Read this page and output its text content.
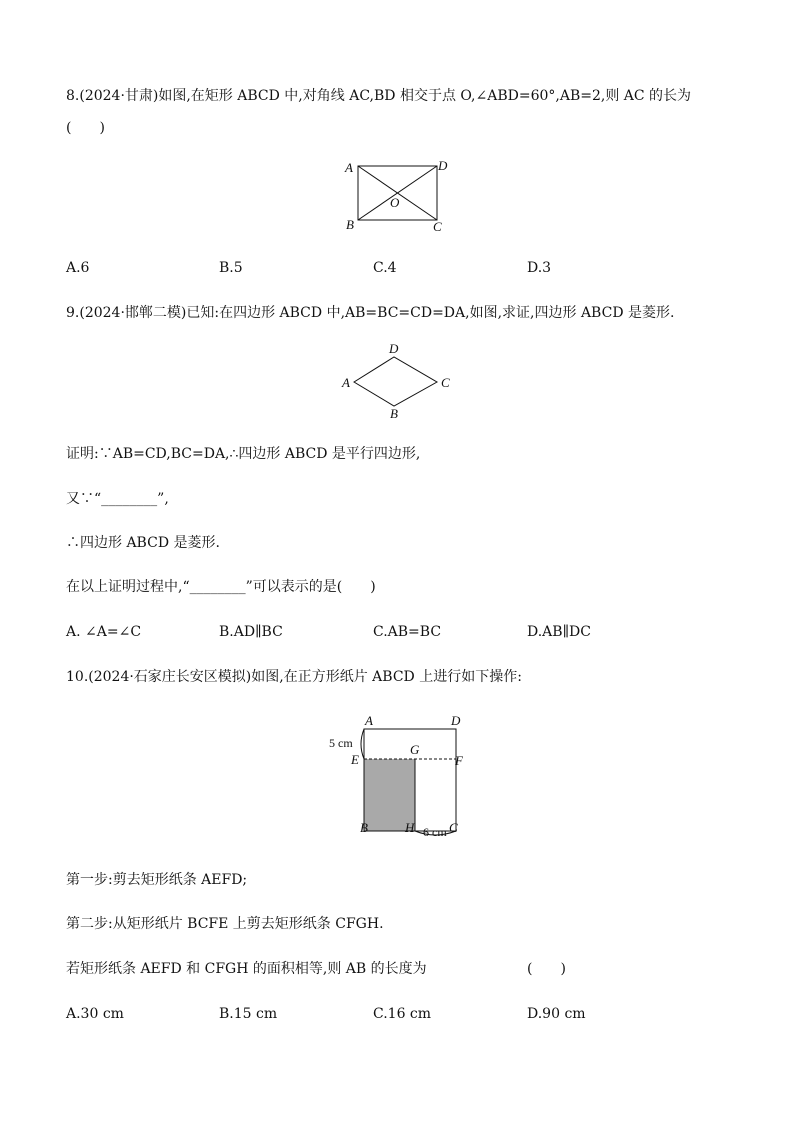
8.(2024·甘肃)如图,在矩形 ABCD 中,对角线 AC,BD 相交于点 O,∠ABD=60°,AB=2,则 AC 的长为
(　　)
A	D
B	C
O
A.6	B.5	C.4	D.3
9.(2024·邯郸二模)已知:在四边形 ABCD 中,AB=BC=CD=DA,如图,求证,四边形 ABCD 是菱形.
A
D
C
B
证明:∵AB=CD,BC=DA,∴四边形 ABCD 是平行四边形,
又∵“________”,
∴四边形 ABCD 是菱形.
在以上证明过程中,“________”可以表示的是(　　)
A. ∠A=∠C	B.AD∥BC	C.AB=BC	D.AB∥DC
10.(2024·石家庄长安区模拟)如图,在正方形纸片 ABCD 上进行如下操作:
A	D
E
G
F
B	H	C
5 cm
6 cm
第一步:剪去矩形纸条 AEFD;
第二步:从矩形纸片 BCFE 上剪去矩形纸条 CFGH.
若矩形纸条 AEFD 和 CFGH 的面积相等,则 AB 的长度为	(　　)
A.30 cm	B.15 cm	C.16 cm	D.90 cm
